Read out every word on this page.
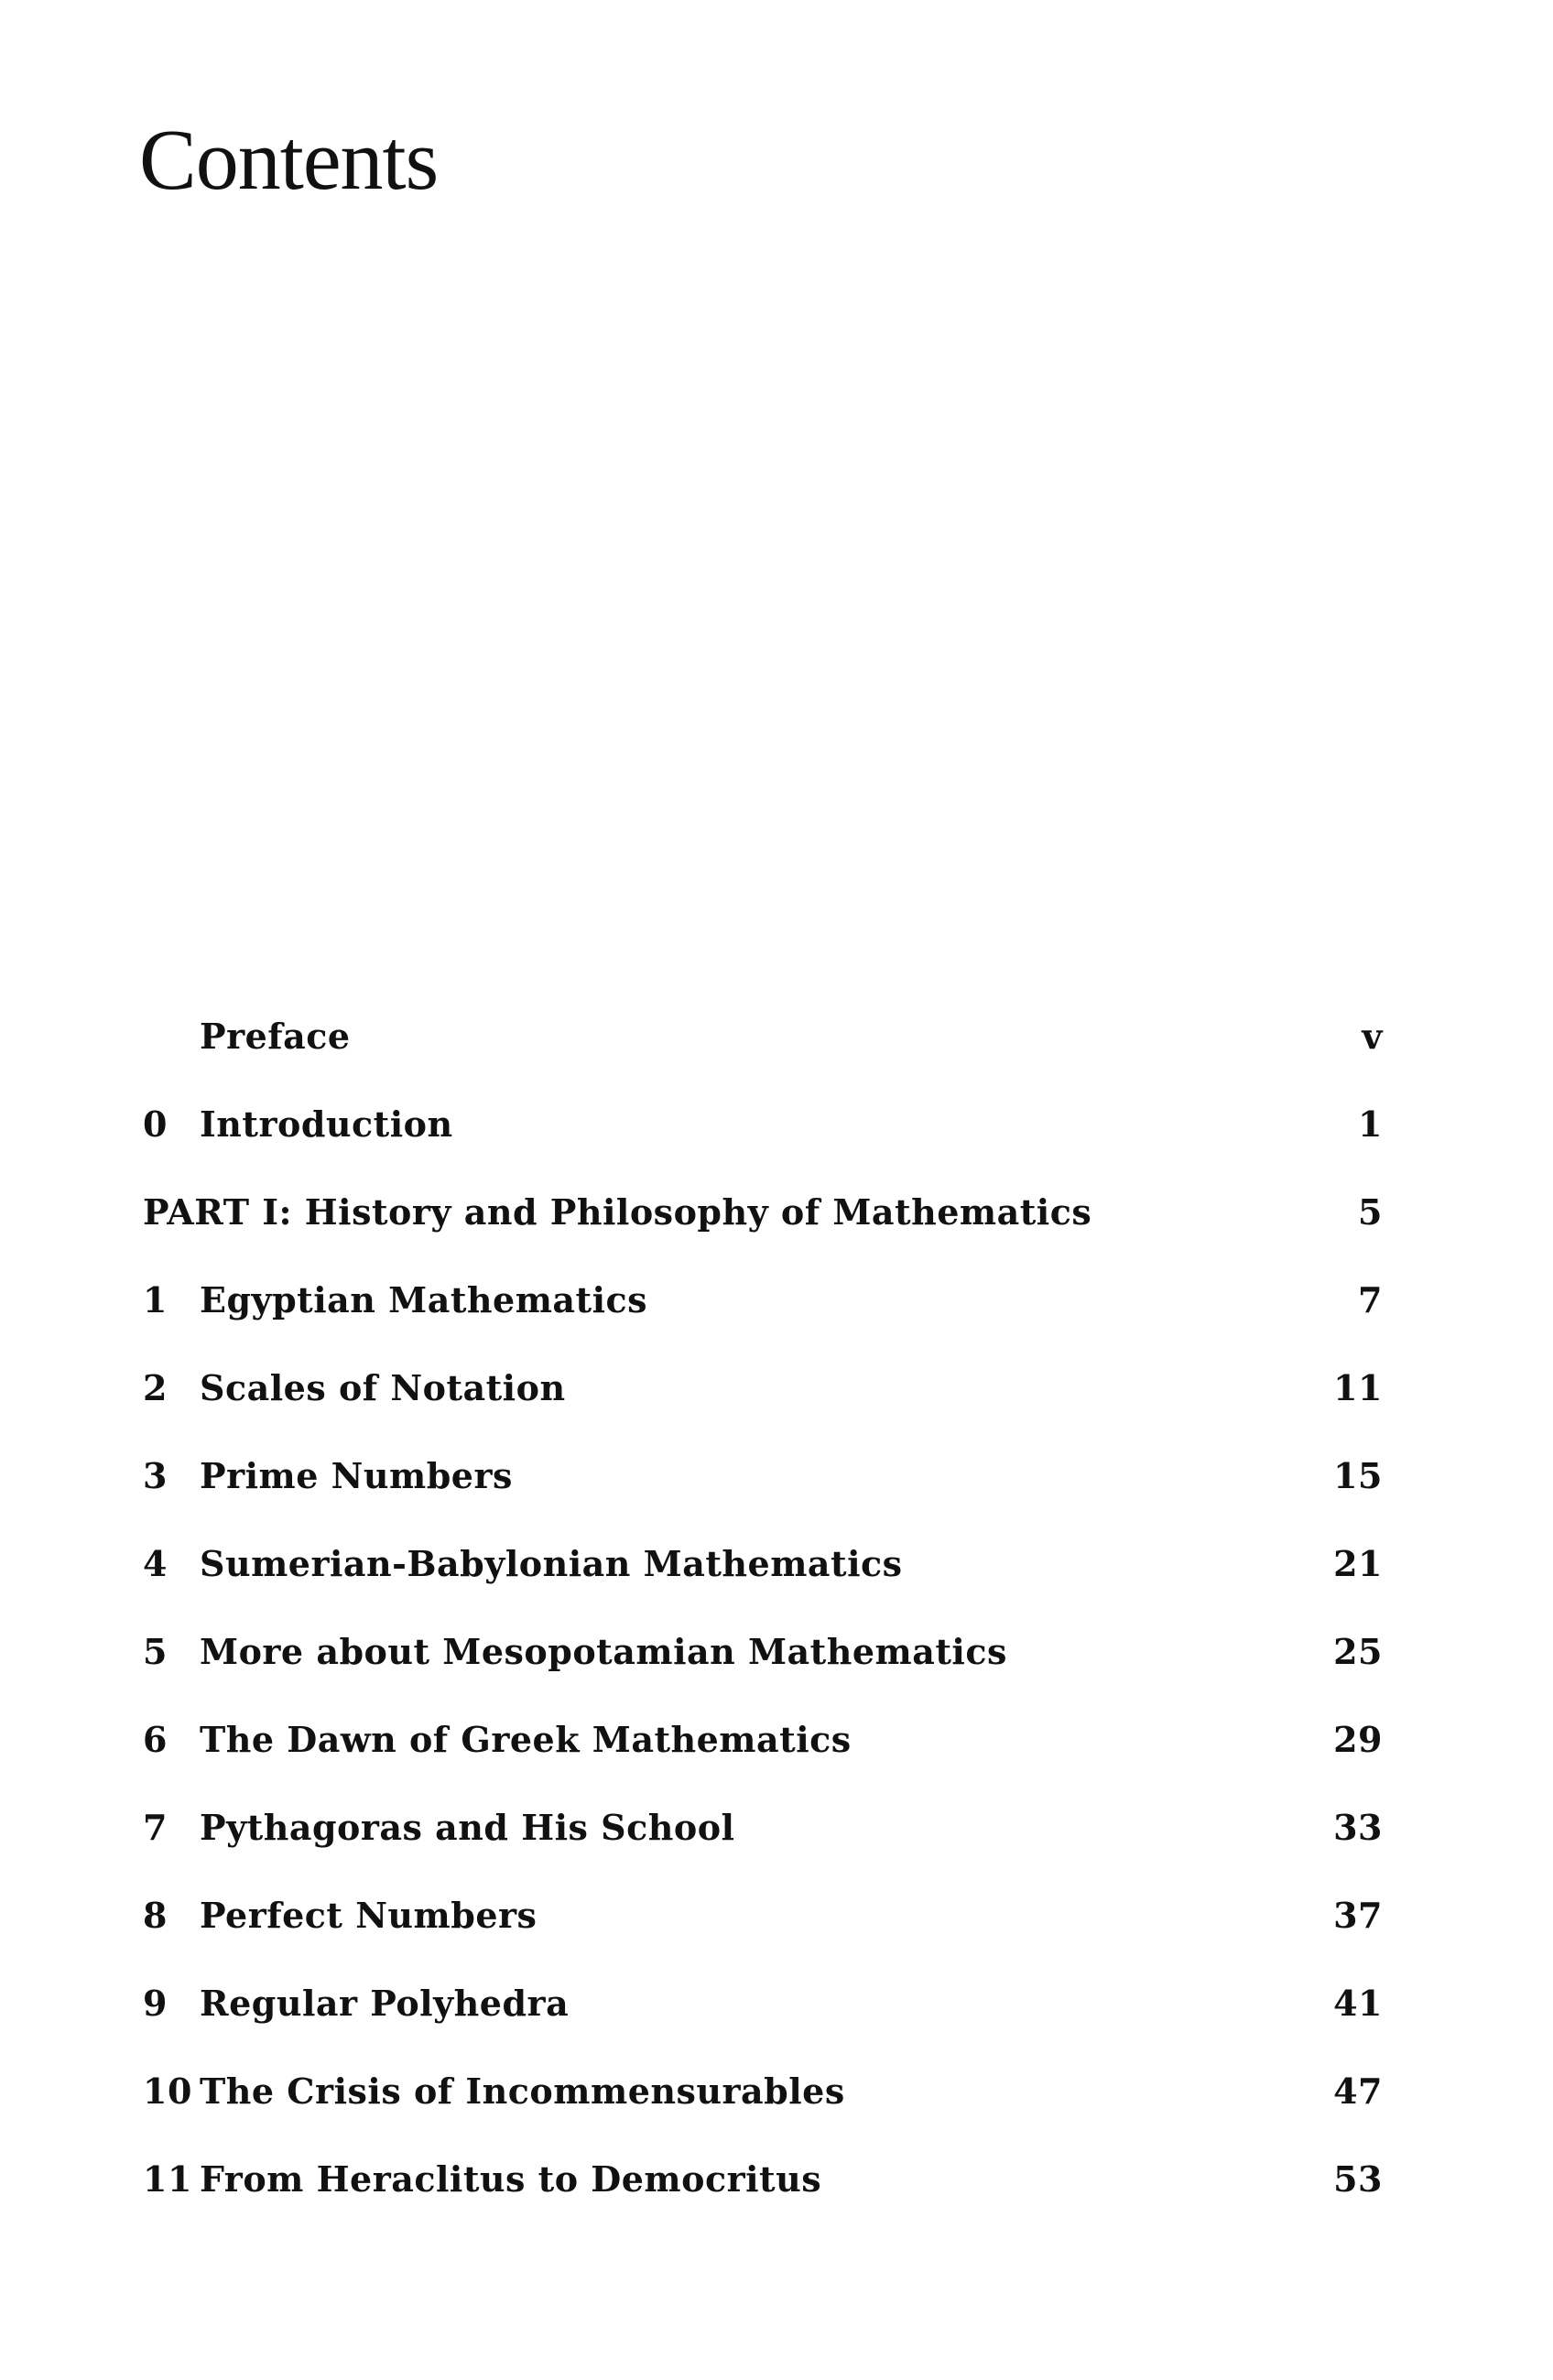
Contents
Preface	v
0 Introduction	1
PART I: History and Philosophy of Mathematics	5
1 Egyptian Mathematics	7
2 Scales of Notation	11
3 Prime Numbers	15
4 Sumerian-Babylonian Mathematics	21
5 More about Mesopotamian Mathematics	25
6 The Dawn of Greek Mathematics	29
7 Pythagoras and His School	33
8 Perfect Numbers	37
9 Regular Polyhedra	41
10 The Crisis of Incommensurables	47
11 From Heraclitus to Democritus	53
